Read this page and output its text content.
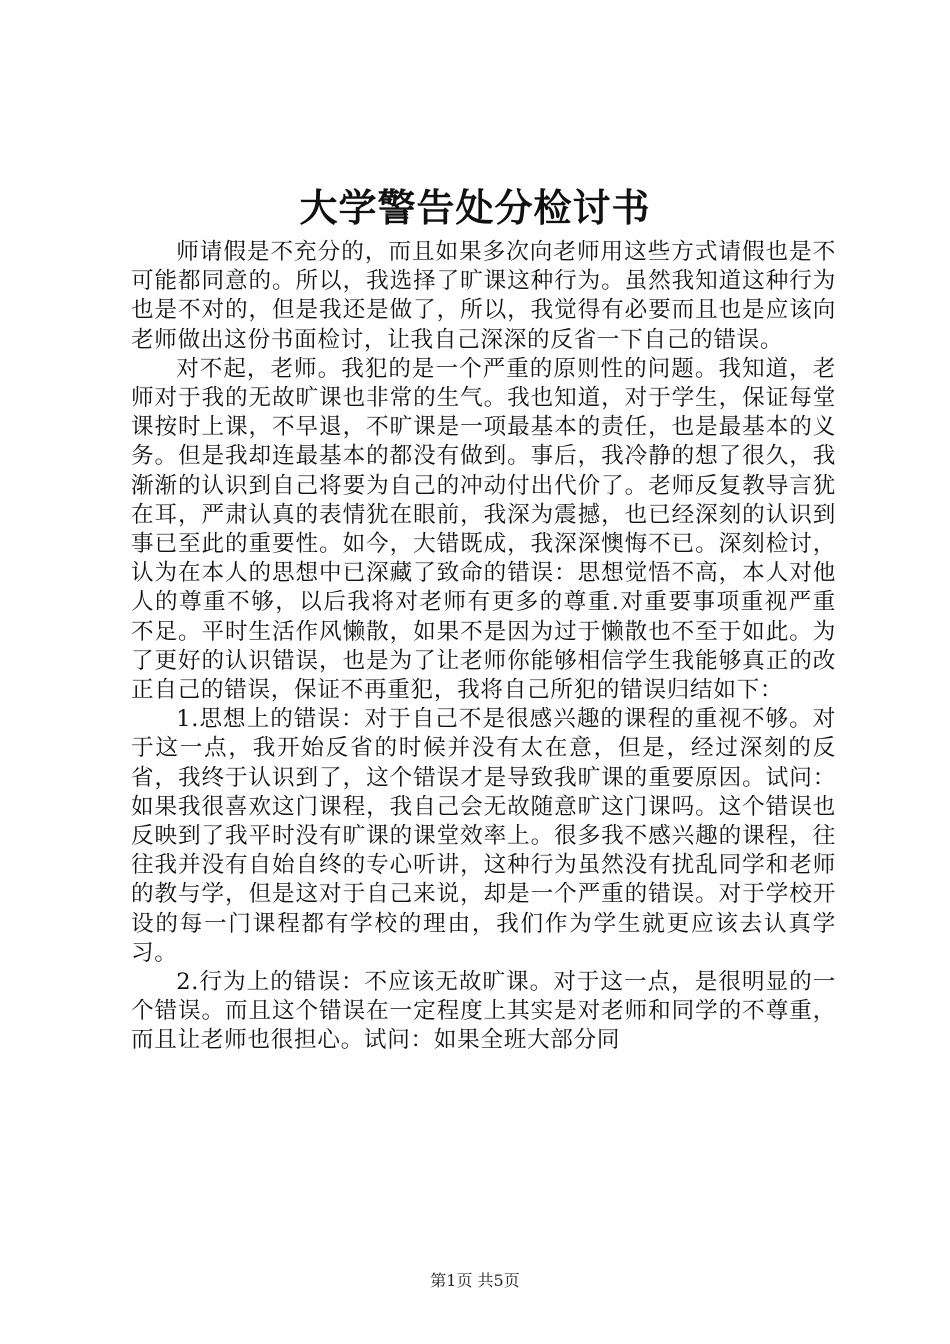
大学警告处分检讨书

师请假是不充分的，而且如果多次向老师用这些方式请假也是不可能都同意的。所以，我选择了旷课这种行为。虽然我知道这种行为也是不对的，但是我还是做了，所以，我觉得有必要而且也是应该向老师做出这份书面检讨，让我自己深深的反省一下自己的错误。

对不起，老师。我犯的是一个严重的原则性的问题。我知道，老师对于我的无故旷课也非常的生气。我也知道，对于学生，保证每堂课按时上课，不早退，不旷课是一项最基本的责任，也是最基本的义务。但是我却连最基本的都没有做到。事后，我冷静的想了很久，我渐渐的认识到自己将要为自己的冲动付出代价了。老师反复教导言犹在耳，严肃认真的表情犹在眼前，我深为震撼，也已经深刻的认识到事已至此的重要性。如今，大错既成，我深深懊悔不已。深刻检讨，认为在本人的思想中已深藏了致命的错误：思想觉悟不高，本人对他人的尊重不够，以后我将对老师有更多的尊重.对重要事项重视严重不足。平时生活作风懒散，如果不是因为过于懒散也不至于如此。为了更好的认识错误，也是为了让老师你能够相信学生我能够真正的改正自己的错误，保证不再重犯，我将自己所犯的错误归结如下：

1.思想上的错误：对于自己不是很感兴趣的课程的重视不够。对于这一点，我开始反省的时候并没有太在意，但是，经过深刻的反省，我终于认识到了，这个错误才是导致我旷课的重要原因。试问：如果我很喜欢这门课程，我自己会无故随意旷这门课吗。这个错误也反映到了我平时没有旷课的课堂效率上。很多我不感兴趣的课程，往往我并没有自始自终的专心听讲，这种行为虽然没有扰乱同学和老师的教与学，但是这对于自己来说，却是一个严重的错误。对于学校开设的每一门课程都有学校的理由，我们作为学生就更应该去认真学习。

2.行为上的错误：不应该无故旷课。对于这一点，是很明显的一个错误。而且这个错误在一定程度上其实是对老师和同学的不尊重，而且让老师也很担心。试问：如果全班大部分同

第1页 共5页
